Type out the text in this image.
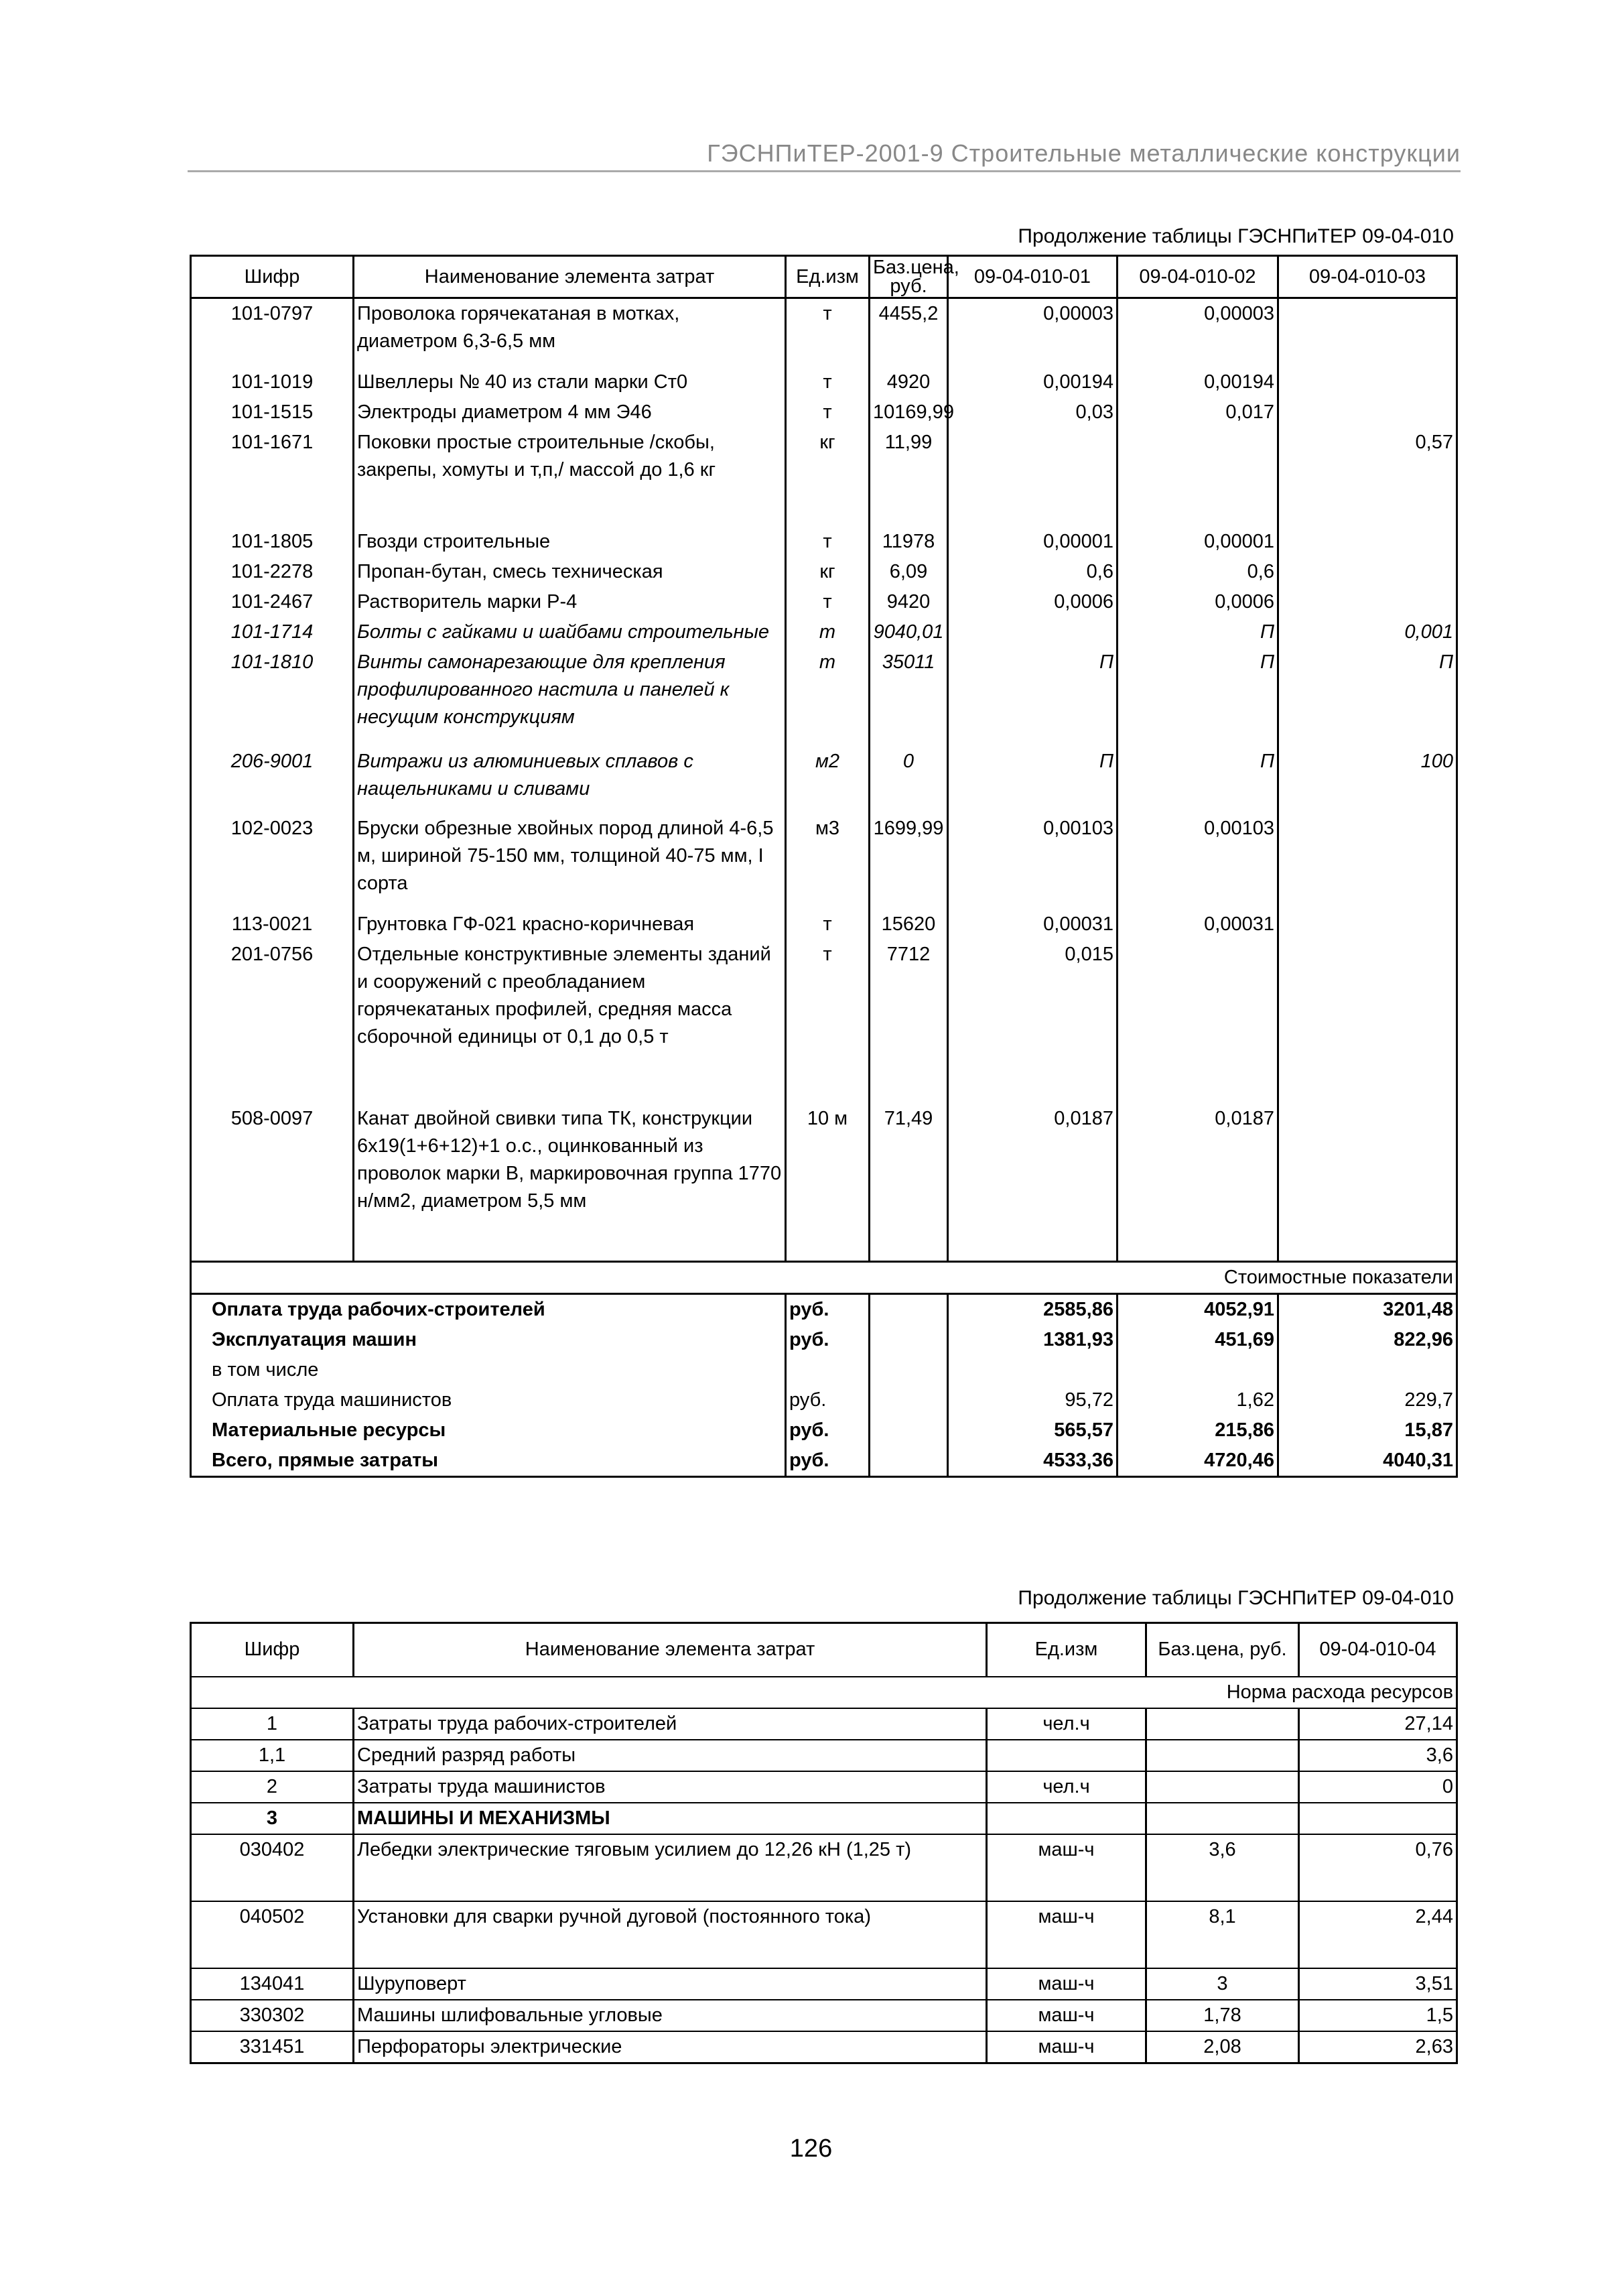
ГЭСНПиТЕР-2001-9 Строительные металлические конструкции
Продолжение таблицы ГЭСНПиТЕР 09-04-010
Шифр	Наименование элемента затрат	Ед.изм	Баз.цена, руб.	09-04-010-01	09-04-010-02	09-04-010-03
101-0797	Проволока горячекатаная в мотках, диаметром 6,3-6,5 мм	т	4455,2	0,00003	0,00003	
101-1019	Швеллеры № 40 из стали марки Ст0	т	4920	0,00194	0,00194	
101-1515	Электроды диаметром 4 мм Э46	т	10169,99	0,03	0,017	
101-1671	Поковки простые строительные /скобы, закрепы, хомуты и т,п,/ массой до 1,6 кг	кг	11,99			0,57
101-1805	Гвозди строительные	т	11978	0,00001	0,00001	
101-2278	Пропан-бутан, смесь техническая	кг	6,09	0,6	0,6	
101-2467	Растворитель марки Р-4	т	9420	0,0006	0,0006	
101-1714	Болты с гайками и шайбами строительные	т	9040,01		П	0,001
101-1810	Винты самонарезающие для крепления профилированного настила и панелей к несущим конструкциям	т	35011	П	П	П
206-9001	Витражи из алюминиевых сплавов с нащельниками и сливами	м2	0	П	П	100
102-0023	Бруски обрезные хвойных пород длиной 4-6,5 м, шириной 75-150 мм, толщиной 40-75 мм, I сорта	м3	1699,99	0,00103	0,00103	
113-0021	Грунтовка ГФ-021 красно-коричневая	т	15620	0,00031	0,00031	
201-0756	Отдельные конструктивные элементы зданий и сооружений с преобладанием горячекатаных профилей, средняя масса сборочной единицы от 0,1 до 0,5 т	т	7712	0,015		
508-0097	Канат двойной свивки типа ТК, конструкции 6х19(1+6+12)+1 о.с., оцинкованный из проволок марки В, маркировочная группа 1770 н/мм2, диаметром 5,5 мм	10 м	71,49	0,0187	0,0187	
Стоимостные показатели						
Оплата труда рабочих-строителей		руб.		2585,86	4052,91	3201,48
Эксплуатация машин		руб.		1381,93	451,69	822,96
в том числе						
Оплата труда машинистов		руб.		95,72	1,62	229,7
Материальные ресурсы		руб.		565,57	215,86	15,87
Всего, прямые затраты		руб.		4533,36	4720,46	4040,31
Продолжение таблицы ГЭСНПиТЕР 09-04-010
Шифр	Наименование элемента затрат	Ед.изм	Баз.цена, руб.	09-04-010-04
Норма расхода ресурсов				
1	Затраты труда рабочих-строителей	чел.ч		27,14
1,1	Средний разряд работы			3,6
2	Затраты труда машинистов	чел.ч		0
3	МАШИНЫ И МЕХАНИЗМЫ			
030402	Лебедки электрические тяговым усилием до 12,26 кН (1,25 т)	маш-ч	3,6	0,76
040502	Установки для сварки ручной дуговой (постоянного тока)	маш-ч	8,1	2,44
134041	Шуруповерт	маш-ч	3	3,51
330302	Машины шлифовальные угловые	маш-ч	1,78	1,5
331451	Перфораторы электрические	маш-ч	2,08	2,63
126
